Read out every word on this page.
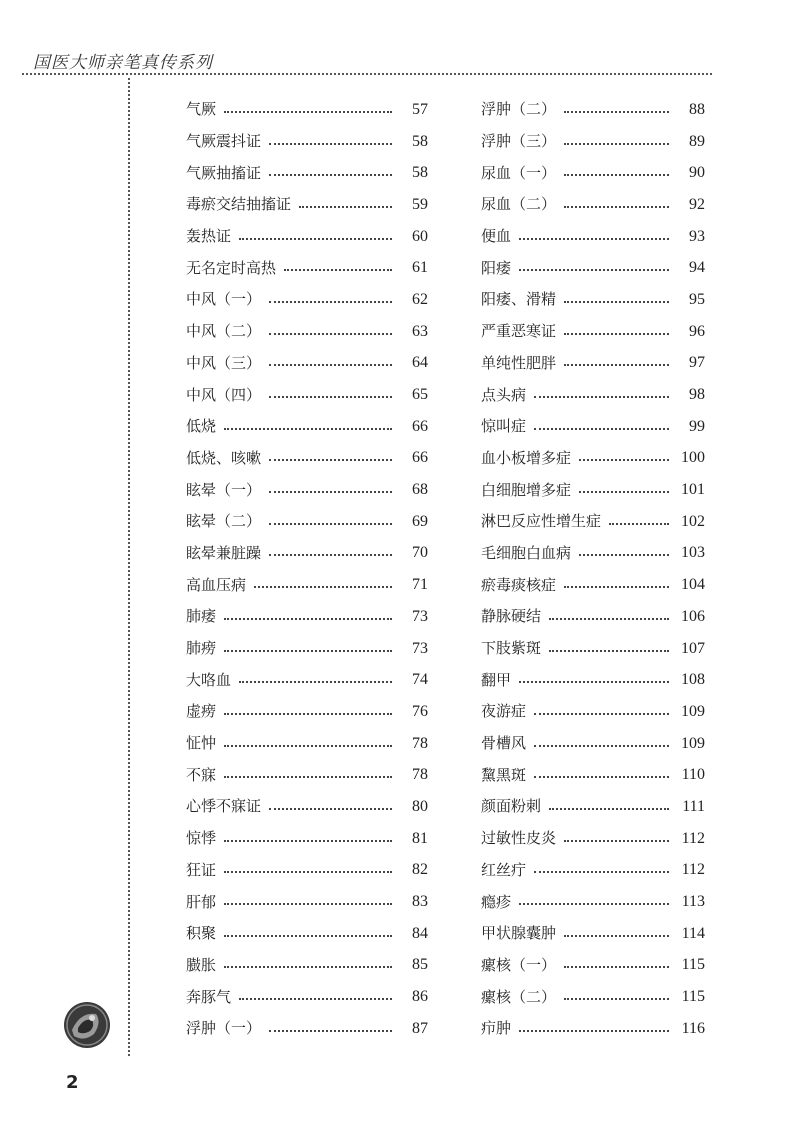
国医大师亲笔真传系列
气厥	57
气厥震抖证	58
气厥抽搐证	58
毒瘀交结抽搐证	59
轰热证	60
无名定时高热	61
中风（一）	62
中风（二）	63
中风（三）	64
中风（四）	65
低烧	66
低烧、咳嗽	66
眩晕（一）	68
眩晕（二）	69
眩晕兼脏躁	70
高血压病	71
肺痿	73
肺痨	73
大咯血	74
虚痨	76
怔忡	78
不寐	78
心悸不寐证	80
惊悸	81
狂证	82
肝郁	83
积聚	84
臌胀	85
奔豚气	86
浮肿（一）	87
浮肿（二）	88
浮肿（三）	89
尿血（一）	90
尿血（二）	92
便血	93
阳痿	94
阳痿、滑精	95
严重恶寒证	96
单纯性肥胖	97
点头病	98
惊叫症	99
血小板增多症	100
白细胞增多症	101
淋巴反应性增生症	102
毛细胞白血病	103
瘀毒痰核症	104
静脉硬结	106
下肢紫斑	107
翻甲	108
夜游症	109
骨槽风	109
黧黑斑	110
颜面粉刺	111
过敏性皮炎	112
红丝疔	112
瘾疹	113
甲状腺囊肿	114
瘰核（一）	115
瘰核（二）	115
疖肿	116
2
